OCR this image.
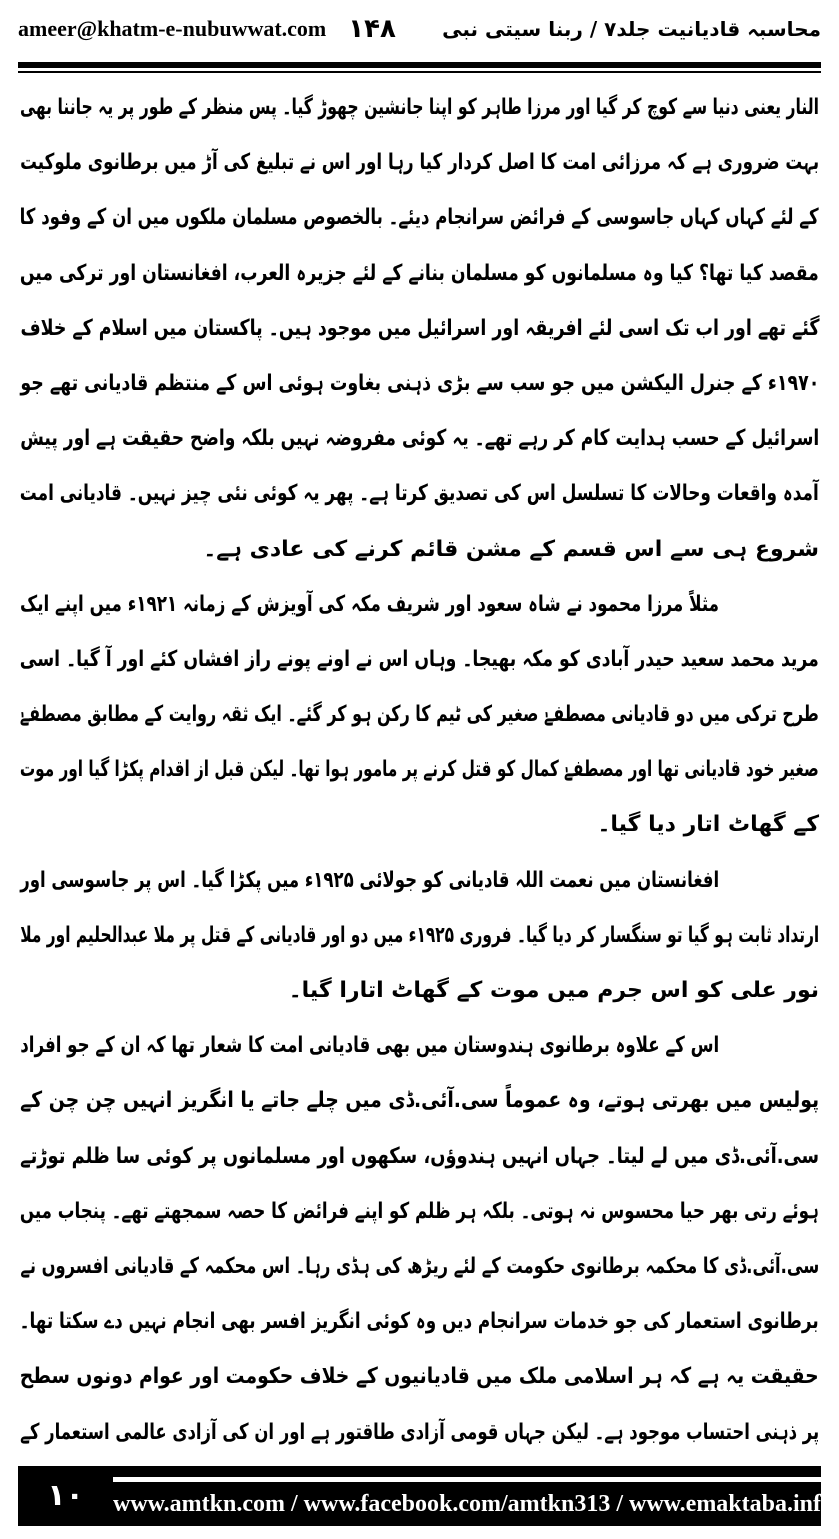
ameer@khatm-e-nubuwwat.com ۱۴۸ محاسبہ قادیانیت جلد۷ / ربنا سیتی نبی
النار یعنی دنیا سے کوچ کر گیا اور مرزا طاہر کو اپنا جانشین چھوڑ گیا۔ پس منظر کے طور پر یہ جاننا بھی
بہت ضروری ہے کہ مرزائی امت کا اصل کردار کیا رہا اور اس نے تبلیغ کی آڑ میں برطانوی ملوکیت
کے لئے کہاں کہاں جاسوسی کے فرائض سرانجام دیئے۔ بالخصوص مسلمان ملکوں میں ان کے وفود کا
مقصد کیا تھا؟ کیا وہ مسلمانوں کو مسلمان بنانے کے لئے جزیرہ العرب، افغانستان اور ترکی میں
گئے تھے اور اب تک اسی لئے افریقہ اور اسرائیل میں موجود ہیں۔ پاکستان میں اسلام کے خلاف
۱۹۷۰ء کے جنرل الیکشن میں جو سب سے بڑی ذہنی بغاوت ہوئی اس کے منتظم قادیانی تھے جو
اسرائیل کے حسب ہدایت کام کر رہے تھے۔ یہ کوئی مفروضہ نہیں بلکہ واضح حقیقت ہے اور پیش
آمدہ واقعات وحالات کا تسلسل اس کی تصدیق کرتا ہے۔ پھر یہ کوئی نئی چیز نہیں۔ قادیانی امت
شروع ہی سے اس قسم کے مشن قائم کرنے کی عادی ہے۔
مثلاً مرزا محمود نے شاہ سعود اور شریف مکہ کی آویزش کے زمانہ ۱۹۲۱ء میں اپنے ایک
مرید محمد سعید حیدر آبادی کو مکہ بھیجا۔ وہاں اس نے اونے پونے راز افشاں کئے اور آ گیا۔ اسی
طرح ترکی میں دو قادیانی مصطفےٰ صغیر کی ٹیم کا رکن ہو کر گئے۔ ایک ثقہ روایت کے مطابق مصطفےٰ
صغیر خود قادیانی تھا اور مصطفےٰ کمال کو قتل کرنے پر مامور ہوا تھا۔ لیکن قبل از اقدام پکڑا گیا اور موت
کے گھاٹ اتار دیا گیا۔
افغانستان میں نعمت اللہ قادیانی کو جولائی ۱۹۲۵ء میں پکڑا گیا۔ اس پر جاسوسی اور
ارتداد ثابت ہو گیا تو سنگسار کر دیا گیا۔ فروری ۱۹۲۵ء میں دو اور قادیانی کے قتل پر ملا عبدالحلیم اور ملا
نور علی کو اس جرم میں موت کے گھاٹ اتارا گیا۔
اس کے علاوہ برطانوی ہندوستان میں بھی قادیانی امت کا شعار تھا کہ ان کے جو افراد
پولیس میں بھرتی ہوتے، وہ عموماً سی.آئی.ڈی میں چلے جاتے یا انگریز انہیں چن چن کے
سی.آئی.ڈی میں لے لیتا۔ جہاں انہیں ہندوؤں، سکھوں اور مسلمانوں پر کوئی سا ظلم توڑتے
ہوئے رتی بھر حیا محسوس نہ ہوتی۔ بلکہ ہر ظلم کو اپنے فرائض کا حصہ سمجھتے تھے۔ پنجاب میں
سی.آئی.ڈی کا محکمہ برطانوی حکومت کے لئے ریڑھ کی ہڈی رہا۔ اس محکمہ کے قادیانی افسروں نے
برطانوی استعمار کی جو خدمات سرانجام دیں وہ کوئی انگریز افسر بھی انجام نہیں دے سکتا تھا۔
حقیقت یہ ہے کہ ہر اسلامی ملک میں قادیانیوں کے خلاف حکومت اور عوام دونوں سطح
پر ذہنی احتساب موجود ہے۔ لیکن جہاں قومی آزادی طاقتور ہے اور ان کی آزادی عالمی استعمار کے
۱۰	www.amtkn.com / www.facebook.com/amtkn313 / www.emaktaba.info
